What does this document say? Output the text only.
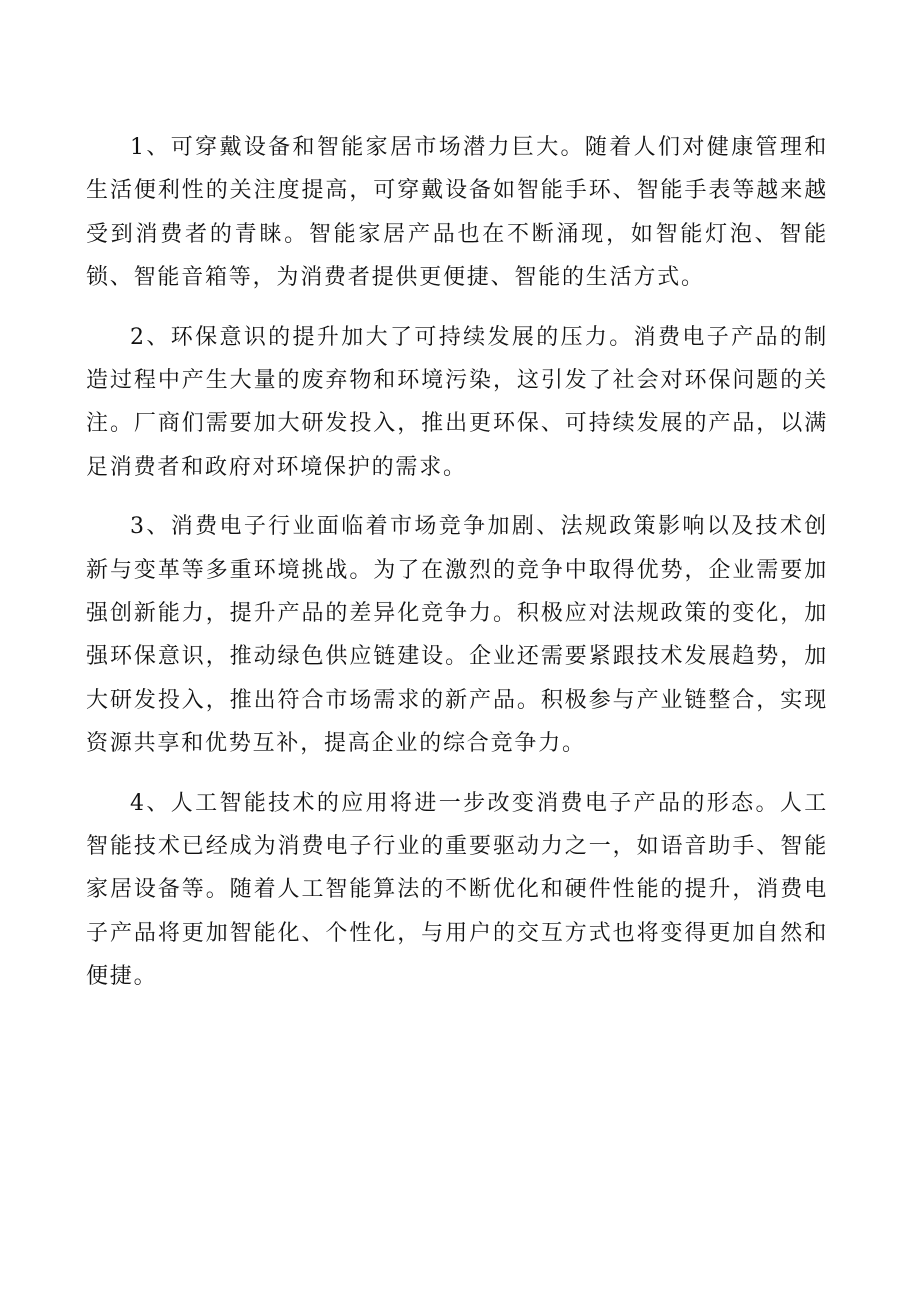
1、可穿戴设备和智能家居市场潜力巨大。随着人们对健康管理和生活便利性的关注度提高，可穿戴设备如智能手环、智能手表等越来越受到消费者的青睐。智能家居产品也在不断涌现，如智能灯泡、智能锁、智能音箱等，为消费者提供更便捷、智能的生活方式。

2、环保意识的提升加大了可持续发展的压力。消费电子产品的制造过程中产生大量的废弃物和环境污染，这引发了社会对环保问题的关注。厂商们需要加大研发投入，推出更环保、可持续发展的产品，以满足消费者和政府对环境保护的需求。

3、消费电子行业面临着市场竞争加剧、法规政策影响以及技术创新与变革等多重环境挑战。为了在激烈的竞争中取得优势，企业需要加强创新能力，提升产品的差异化竞争力。积极应对法规政策的变化，加强环保意识，推动绿色供应链建设。企业还需要紧跟技术发展趋势，加大研发投入，推出符合市场需求的新产品。积极参与产业链整合，实现资源共享和优势互补，提高企业的综合竞争力。

4、人工智能技术的应用将进一步改变消费电子产品的形态。人工智能技术已经成为消费电子行业的重要驱动力之一，如语音助手、智能家居设备等。随着人工智能算法的不断优化和硬件性能的提升，消费电子产品将更加智能化、个性化，与用户的交互方式也将变得更加自然和便捷。
